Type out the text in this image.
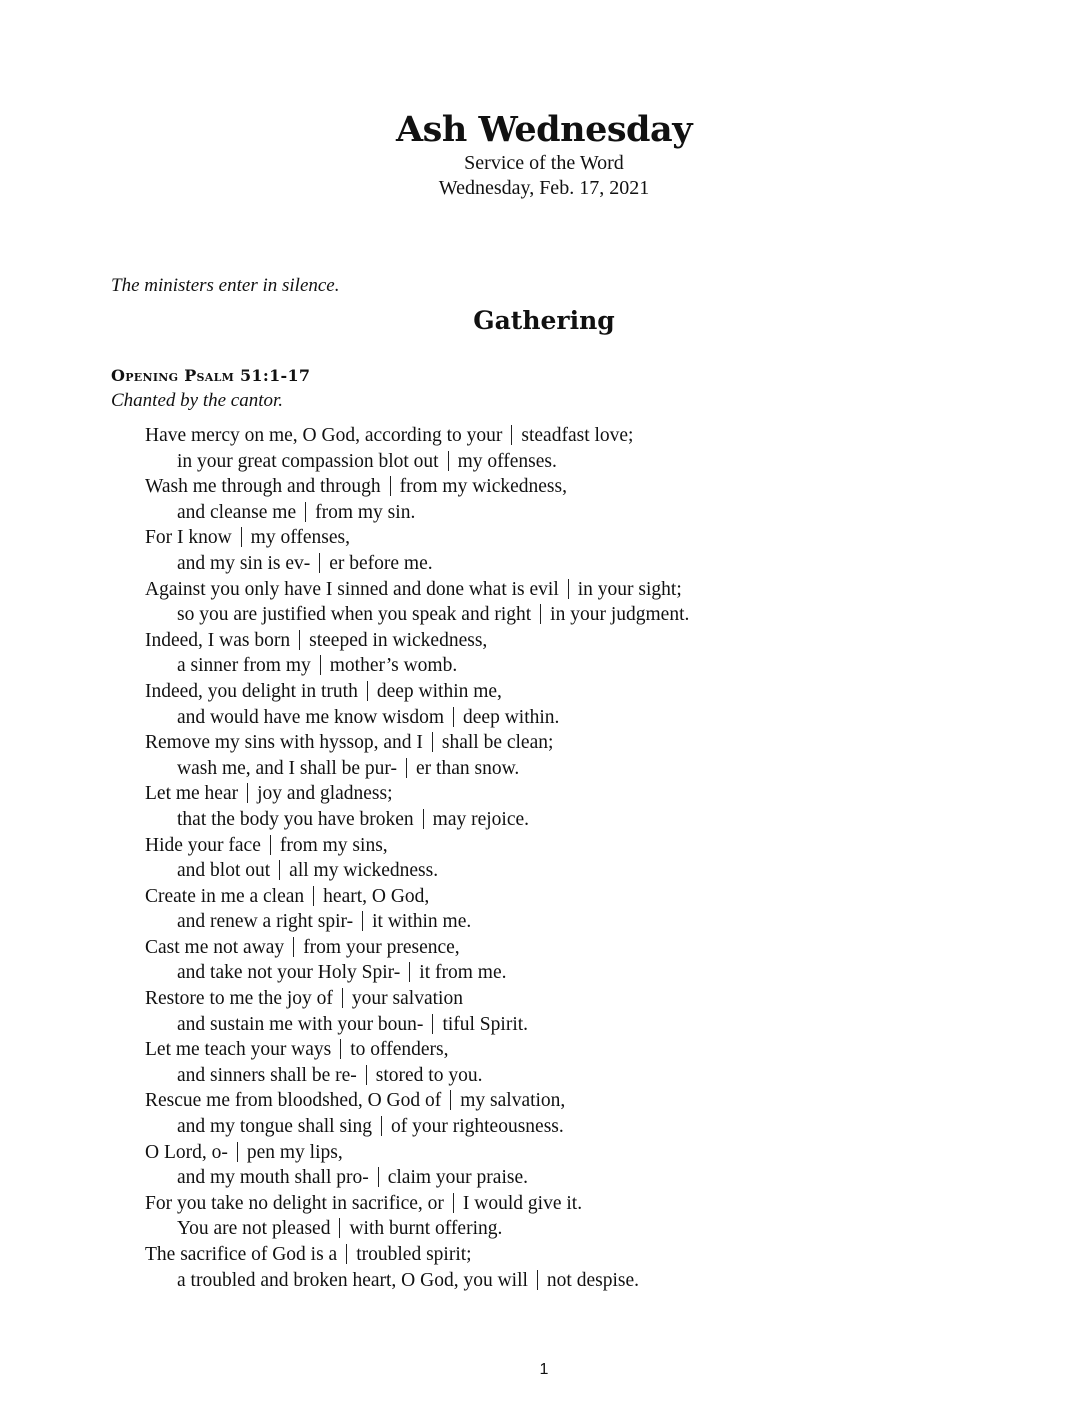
Ash Wednesday
Service of the Word
Wednesday, Feb. 17, 2021
The ministers enter in silence.
Gathering
Opening Psalm 51:1-17
Chanted by the cantor.
Have mercy on me, O God, according to your steadfast love;
in your great compassion blot out my offenses.
Wash me through and through from my wickedness,
and cleanse me from my sin.
For I know my offenses,
and my sin is ev- er before me.
Against you only have I sinned and done what is evil in your sight;
so you are justified when you speak and right in your judgment.
Indeed, I was born steeped in wickedness,
a sinner from my mother’s womb.
Indeed, you delight in truth deep within me,
and would have me know wisdom deep within.
Remove my sins with hyssop, and I shall be clean;
wash me, and I shall be pur- er than snow.
Let me hear joy and gladness;
that the body you have broken may rejoice.
Hide your face from my sins,
and blot out all my wickedness.
Create in me a clean heart, O God,
and renew a right spir- it within me.
Cast me not away from your presence,
and take not your Holy Spir- it from me.
Restore to me the joy of your salvation
and sustain me with your boun- tiful Spirit.
Let me teach your ways to offenders,
and sinners shall be re- stored to you.
Rescue me from bloodshed, O God of my salvation,
and my tongue shall sing of your righteousness.
O Lord, o- pen my lips,
and my mouth shall pro- claim your praise.
For you take no delight in sacrifice, or I would give it.
You are not pleased with burnt offering.
The sacrifice of God is a troubled spirit;
a troubled and broken heart, O God, you will not despise.
1
